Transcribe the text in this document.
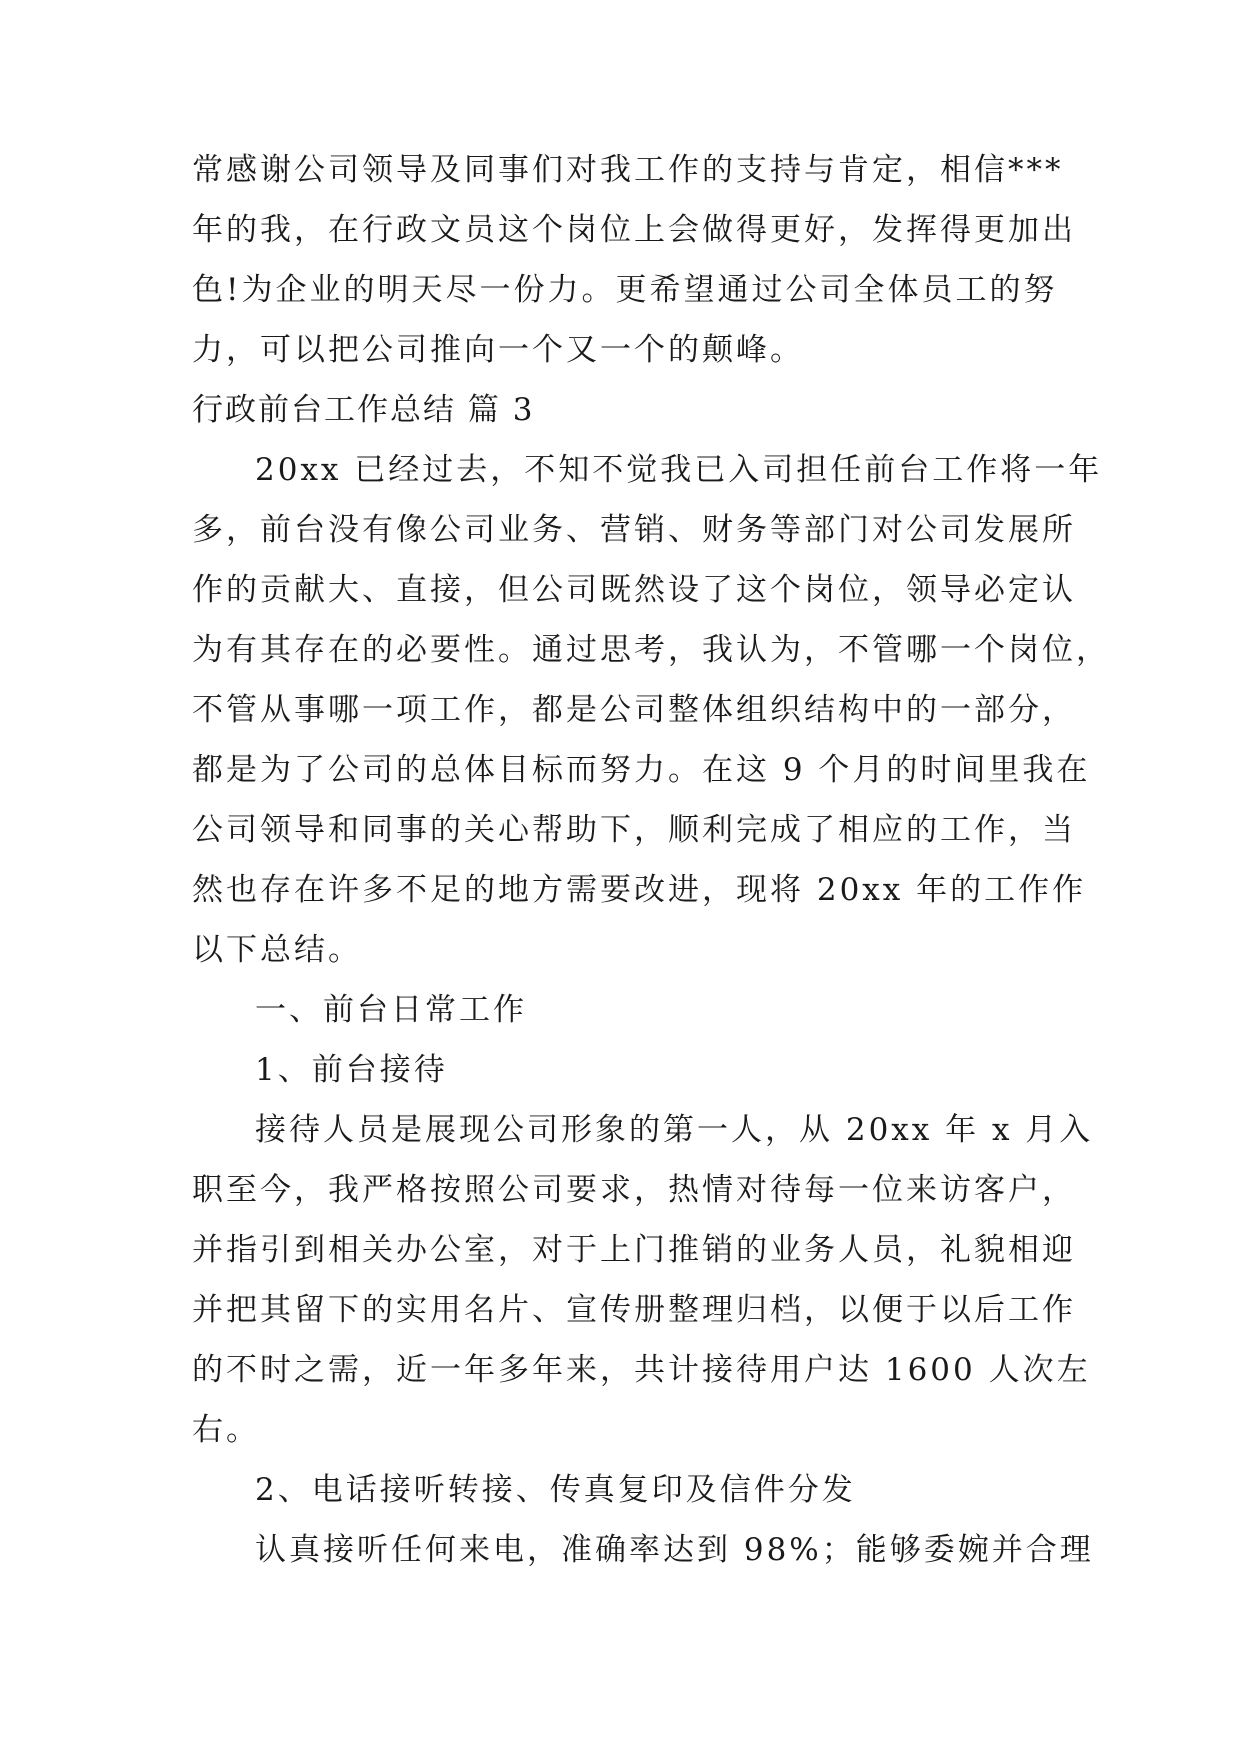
常感谢公司领导及同事们对我工作的支持与肯定，相信***
年的我，在行政文员这个岗位上会做得更好，发挥得更加出
色!为企业的明天尽一份力。更希望通过公司全体员工的努
力，可以把公司推向一个又一个的颠峰。
行政前台工作总结 篇 3
20xx 已经过去，不知不觉我已入司担任前台工作将一年
多，前台没有像公司业务、营销、财务等部门对公司发展所
作的贡献大、直接，但公司既然设了这个岗位，领导必定认
为有其存在的必要性。通过思考，我认为，不管哪一个岗位，
不管从事哪一项工作，都是公司整体组织结构中的一部分，
都是为了公司的总体目标而努力。在这 9 个月的时间里我在
公司领导和同事的关心帮助下，顺利完成了相应的工作，当
然也存在许多不足的地方需要改进，现将 20xx 年的工作作
以下总结。
一、前台日常工作
1、前台接待
接待人员是展现公司形象的第一人，从 20xx 年 x 月入
职至今，我严格按照公司要求，热情对待每一位来访客户，
并指引到相关办公室，对于上门推销的业务人员，礼貌相迎
并把其留下的实用名片、宣传册整理归档，以便于以后工作
的不时之需，近一年多年来，共计接待用户达 1600 人次左
右。
2、电话接听转接、传真复印及信件分发
认真接听任何来电，准确率达到 98%；能够委婉并合理
